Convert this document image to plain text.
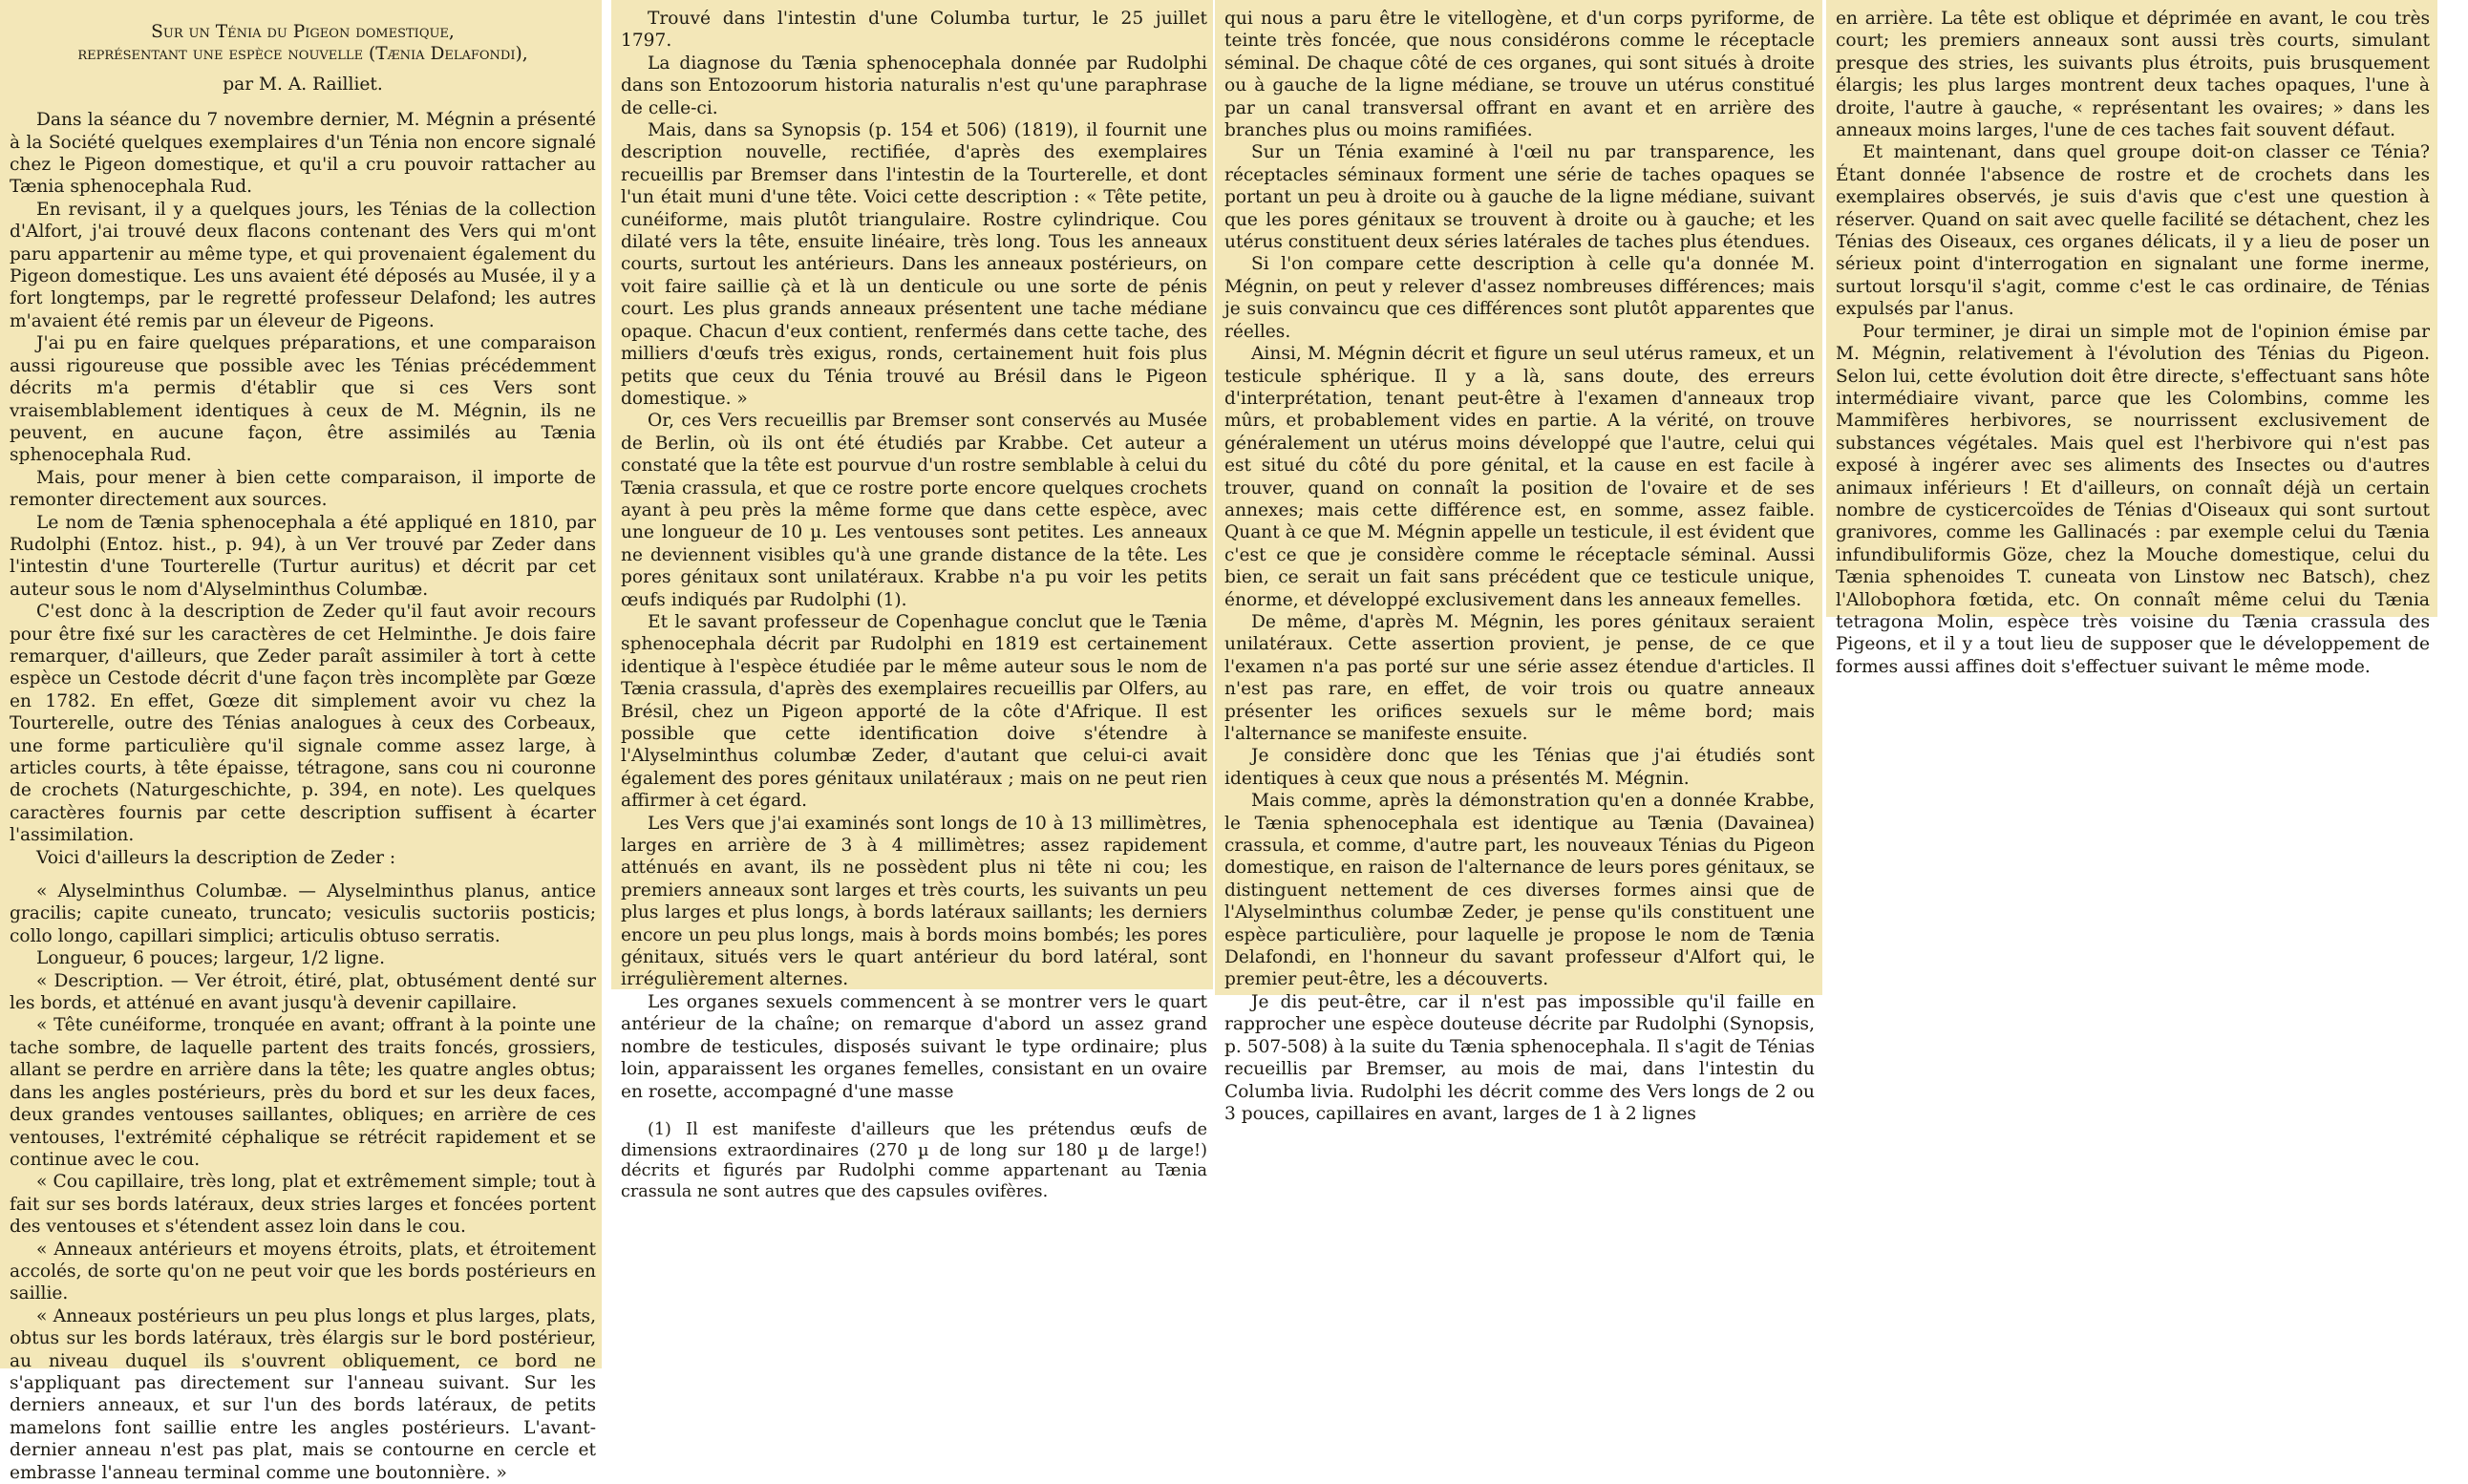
Sur un Ténia du Pigeon domestique,

représentant une espèce nouvelle (Tænia Delafondi),

par M. A. Railliet.

Dans la séance du 7 novembre dernier, M. Mégnin a présenté à la Société quelques exemplaires d'un Ténia non encore signalé chez le Pigeon domestique, et qu'il a cru pouvoir rattacher au Tænia sphenocephala Rud.

En revisant, il y a quelques jours, les Ténias de la collection d'Alfort, j'ai trouvé deux flacons contenant des Vers qui m'ont paru appartenir au même type, et qui provenaient également du Pigeon domestique. Les uns avaient été déposés au Musée, il y a fort longtemps, par le regretté professeur Delafond; les autres m'avaient été remis par un éleveur de Pigeons.

J'ai pu en faire quelques préparations, et une comparaison aussi rigoureuse que possible avec les Ténias précédemment décrits m'a permis d'établir que si ces Vers sont vraisemblablement identiques à ceux de M. Mégnin, ils ne peuvent, en aucune façon, être assimilés au Tænia sphenocephala Rud.

Mais, pour mener à bien cette comparaison, il importe de remonter directement aux sources.

Le nom de Tænia sphenocephala a été appliqué en 1810, par Rudolphi (Entoz. hist., p. 94), à un Ver trouvé par Zeder dans l'intestin d'une Tourterelle (Turtur auritus) et décrit par cet auteur sous le nom d'Alyselminthus Columbæ.

C'est donc à la description de Zeder qu'il faut avoir recours pour être fixé sur les caractères de cet Helminthe. Je dois faire remarquer, d'ailleurs, que Zeder paraît assimiler à tort à cette espèce un Cestode décrit d'une façon très incomplète par Gœze en 1782. En effet, Gœze dit simplement avoir vu chez la Tourterelle, outre des Ténias analogues à ceux des Corbeaux, une forme particulière qu'il signale comme assez large, à articles courts, à tête épaisse, tétragone, sans cou ni couronne de crochets (Naturgeschichte, p. 394, en note). Les quelques caractères fournis par cette description suffisent à écarter l'assimilation.

Voici d'ailleurs la description de Zeder :

« Alyselminthus Columbæ. — Alyselminthus planus, antice gracilis; capite cuneato, truncato; vesiculis suctoriis posticis; collo longo, capillari simplici; articulis obtuso serratis.

Longueur, 6 pouces; largeur, 1/2 ligne.

« Description. — Ver étroit, étiré, plat, obtusément denté sur les bords, et atténué en avant jusqu'à devenir capillaire.

« Tête cunéiforme, tronquée en avant; offrant à la pointe une tache sombre, de laquelle partent des traits foncés, grossiers, allant se perdre en arrière dans la tête; les quatre angles obtus; dans les angles postérieurs, près du bord et sur les deux faces, deux grandes ventouses saillantes, obliques; en arrière de ces ventouses, l'extrémité céphalique se rétrécit rapidement et se continue avec le cou.

« Cou capillaire, très long, plat et extrêmement simple; tout à fait sur ses bords latéraux, deux stries larges et foncées portent des ventouses et s'étendent assez loin dans le cou.

« Anneaux antérieurs et moyens étroits, plats, et étroitement accolés, de sorte qu'on ne peut voir que les bords postérieurs en saillie.

« Anneaux postérieurs un peu plus longs et plus larges, plats, obtus sur les bords latéraux, très élargis sur le bord postérieur, au niveau duquel ils s'ouvrent obliquement, ce bord ne s'appliquant pas directement sur l'anneau suivant. Sur les derniers anneaux, et sur l'un des bords latéraux, de petits mamelons font saillie entre les angles postérieurs. L'avant-dernier anneau n'est pas plat, mais se contourne en cercle et embrasse l'anneau terminal comme une boutonnière. »

Trouvé dans l'intestin d'une Columba turtur, le 25 juillet 1797.

La diagnose du Tænia sphenocephala donnée par Rudolphi dans son Entozoorum historia naturalis n'est qu'une paraphrase de celle-ci.

Mais, dans sa Synopsis (p. 154 et 506) (1819), il fournit une description nouvelle, rectifiée, d'après des exemplaires recueillis par Bremser dans l'intestin de la Tourterelle, et dont l'un était muni d'une tête. Voici cette description : « Tête petite, cunéiforme, mais plutôt triangulaire. Rostre cylindrique. Cou dilaté vers la tête, ensuite linéaire, très long. Tous les anneaux courts, surtout les antérieurs. Dans les anneaux postérieurs, on voit faire saillie çà et là un denticule ou une sorte de pénis court. Les plus grands anneaux présentent une tache médiane opaque. Chacun d'eux contient, renfermés dans cette tache, des milliers d'œufs très exigus, ronds, certainement huit fois plus petits que ceux du Ténia trouvé au Brésil dans le Pigeon domestique. »

Or, ces Vers recueillis par Bremser sont conservés au Musée de Berlin, où ils ont été étudiés par Krabbe. Cet auteur a constaté que la tête est pourvue d'un rostre semblable à celui du Tænia crassula, et que ce rostre porte encore quelques crochets ayant à peu près la même forme que dans cette espèce, avec une longueur de 10 µ. Les ventouses sont petites. Les anneaux ne deviennent visibles qu'à une grande distance de la tête. Les pores génitaux sont unilatéraux. Krabbe n'a pu voir les petits œufs indiqués par Rudolphi (1).

Et le savant professeur de Copenhague conclut que le Tænia sphenocephala décrit par Rudolphi en 1819 est certainement identique à l'espèce étudiée par le même auteur sous le nom de Tænia crassula, d'après des exemplaires recueillis par Olfers, au Brésil, chez un Pigeon apporté de la côte d'Afrique. Il est possible que cette identification doive s'étendre à l'Alyselminthus columbæ Zeder, d'autant que celui-ci avait également des pores génitaux unilatéraux ; mais on ne peut rien affirmer à cet égard.

Les Vers que j'ai examinés sont longs de 10 à 13 millimètres, larges en arrière de 3 à 4 millimètres; assez rapidement atténués en avant, ils ne possèdent plus ni tête ni cou; les premiers anneaux sont larges et très courts, les suivants un peu plus larges et plus longs, à bords latéraux saillants; les derniers encore un peu plus longs, mais à bords moins bombés; les pores génitaux, situés vers le quart antérieur du bord latéral, sont irrégulièrement alternes.

Les organes sexuels commencent à se montrer vers le quart antérieur de la chaîne; on remarque d'abord un assez grand nombre de testicules, disposés suivant le type ordinaire; plus loin, apparaissent les organes femelles, consistant en un ovaire en rosette, accompagné d'une masse

(1) Il est manifeste d'ailleurs que les prétendus œufs de dimensions extraordinaires (270 µ de long sur 180 µ de large!) décrits et figurés par Rudolphi comme appartenant au Tænia crassula ne sont autres que des capsules ovifères.

qui nous a paru être le vitellogène, et d'un corps pyriforme, de teinte très foncée, que nous considérons comme le réceptacle séminal. De chaque côté de ces organes, qui sont situés à droite ou à gauche de la ligne médiane, se trouve un utérus constitué par un canal transversal offrant en avant et en arrière des branches plus ou moins ramifiées.

Sur un Ténia examiné à l'œil nu par transparence, les réceptacles séminaux forment une série de taches opaques se portant un peu à droite ou à gauche de la ligne médiane, suivant que les pores génitaux se trouvent à droite ou à gauche; et les utérus constituent deux séries latérales de taches plus étendues.

Si l'on compare cette description à celle qu'a donnée M. Mégnin, on peut y relever d'assez nombreuses différences; mais je suis convaincu que ces différences sont plutôt apparentes que réelles.

Ainsi, M. Mégnin décrit et figure un seul utérus rameux, et un testicule sphérique. Il y a là, sans doute, des erreurs d'interprétation, tenant peut-être à l'examen d'anneaux trop mûrs, et probablement vides en partie. A la vérité, on trouve généralement un utérus moins développé que l'autre, celui qui est situé du côté du pore génital, et la cause en est facile à trouver, quand on connaît la position de l'ovaire et de ses annexes; mais cette différence est, en somme, assez faible. Quant à ce que M. Mégnin appelle un testicule, il est évident que c'est ce que je considère comme le réceptacle séminal. Aussi bien, ce serait un fait sans précédent que ce testicule unique, énorme, et développé exclusivement dans les anneaux femelles.

De même, d'après M. Mégnin, les pores génitaux seraient unilatéraux. Cette assertion provient, je pense, de ce que l'examen n'a pas porté sur une série assez étendue d'articles. Il n'est pas rare, en effet, de voir trois ou quatre anneaux présenter les orifices sexuels sur le même bord; mais l'alternance se manifeste ensuite.

Je considère donc que les Ténias que j'ai étudiés sont identiques à ceux que nous a présentés M. Mégnin.

Mais comme, après la démonstration qu'en a donnée Krabbe, le Tænia sphenocephala est identique au Tænia (Davainea) crassula, et comme, d'autre part, les nouveaux Ténias du Pigeon domestique, en raison de l'alternance de leurs pores génitaux, se distinguent nettement de ces diverses formes ainsi que de l'Alyselminthus columbæ Zeder, je pense qu'ils constituent une espèce particulière, pour laquelle je propose le nom de Tænia Delafondi, en l'honneur du savant professeur d'Alfort qui, le premier peut-être, les a découverts.

Je dis peut-être, car il n'est pas impossible qu'il faille en rapprocher une espèce douteuse décrite par Rudolphi (Synopsis, p. 507-508) à la suite du Tænia sphenocephala. Il s'agit de Ténias recueillis par Bremser, au mois de mai, dans l'intestin du Columba livia. Rudolphi les décrit comme des Vers longs de 2 ou 3 pouces, capillaires en avant, larges de 1 à 2 lignes

en arrière. La tête est oblique et déprimée en avant, le cou très court; les premiers anneaux sont aussi très courts, simulant presque des stries, les suivants plus étroits, puis brusquement élargis; les plus larges montrent deux taches opaques, l'une à droite, l'autre à gauche, « représentant les ovaires; » dans les anneaux moins larges, l'une de ces taches fait souvent défaut.

Et maintenant, dans quel groupe doit-on classer ce Ténia? Étant donnée l'absence de rostre et de crochets dans les exemplaires observés, je suis d'avis que c'est une question à réserver. Quand on sait avec quelle facilité se détachent, chez les Ténias des Oiseaux, ces organes délicats, il y a lieu de poser un sérieux point d'interrogation en signalant une forme inerme, surtout lorsqu'il s'agit, comme c'est le cas ordinaire, de Ténias expulsés par l'anus.

Pour terminer, je dirai un simple mot de l'opinion émise par M. Mégnin, relativement à l'évolution des Ténias du Pigeon. Selon lui, cette évolution doit être directe, s'effectuant sans hôte intermédiaire vivant, parce que les Colombins, comme les Mammifères herbivores, se nourrissent exclusivement de substances végétales. Mais quel est l'herbivore qui n'est pas exposé à ingérer avec ses aliments des Insectes ou d'autres animaux inférieurs ! Et d'ailleurs, on connaît déjà un certain nombre de cysticercoïdes de Ténias d'Oiseaux qui sont surtout granivores, comme les Gallinacés : par exemple celui du Tænia infundibuliformis Göze, chez la Mouche domestique, celui du Tænia sphenoides T. cuneata von Linstow nec Batsch), chez l'Allobophora fœtida, etc. On connaît même celui du Tænia tetragona Molin, espèce très voisine du Tænia crassula des Pigeons, et il y a tout lieu de supposer que le développement de formes aussi affines doit s'effectuer suivant le même mode.
